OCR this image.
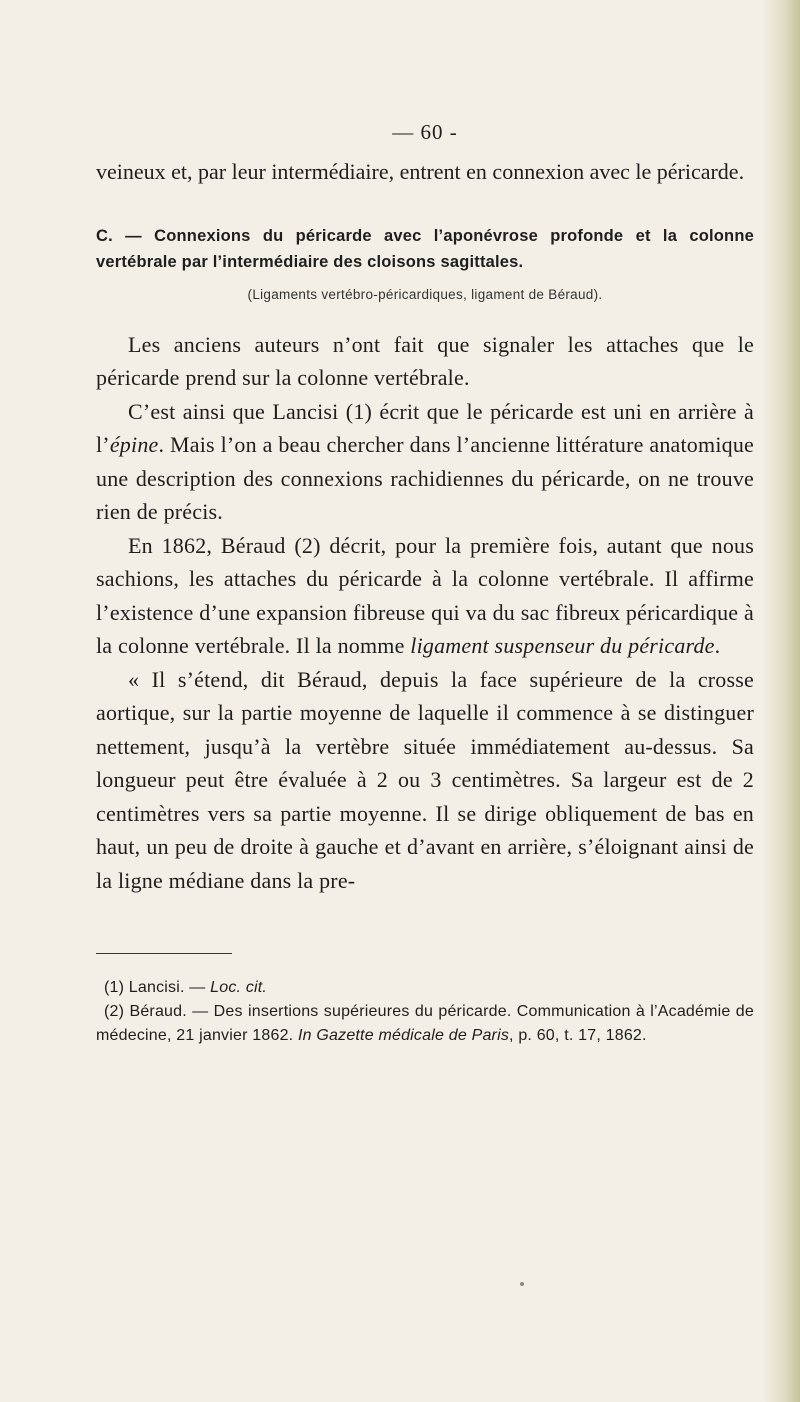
— 60 -

veineux et, par leur intermédiaire, entrent en connexion avec le péricarde.

C. — Connexions du péricarde avec l’aponévrose profonde et la colonne vertébrale par l’intermédiaire des cloisons sagittales.
(Ligaments vertébro-péricardiques, ligament de Béraud).

Les anciens auteurs n’ont fait que signaler les attaches que le péricarde prend sur la colonne vertébrale.

C’est ainsi que Lancisi (1) écrit que le péricarde est uni en arrière à l’épine. Mais l’on a beau chercher dans l’ancienne littérature anatomique une description des connexions rachidiennes du péricarde, on ne trouve rien de précis.

En 1862, Béraud (2) décrit, pour la première fois, autant que nous sachions, les attaches du péricarde à la colonne vertébrale. Il affirme l’existence d’une expansion fibreuse qui va du sac fibreux péricardique à la colonne vertébrale. Il la nomme ligament suspenseur du péricarde.

« Il s’étend, dit Béraud, depuis la face supérieure de la crosse aortique, sur la partie moyenne de laquelle il commence à se distinguer nettement, jusqu’à la vertèbre située immédiatement au-dessus. Sa longueur peut être évaluée à 2 ou 3 centimètres. Sa largeur est de 2 centimètres vers sa partie moyenne. Il se dirige obliquement de bas en haut, un peu de droite à gauche et d’avant en arrière, s’éloignant ainsi de la ligne médiane dans la pre-

(1) Lancisi. — Loc. cit.

(2) Béraud. — Des insertions supérieures du péricarde. Communication à l’Académie de médecine, 21 janvier 1862. In Gazette médicale de Paris, p. 60, t. 17, 1862.
